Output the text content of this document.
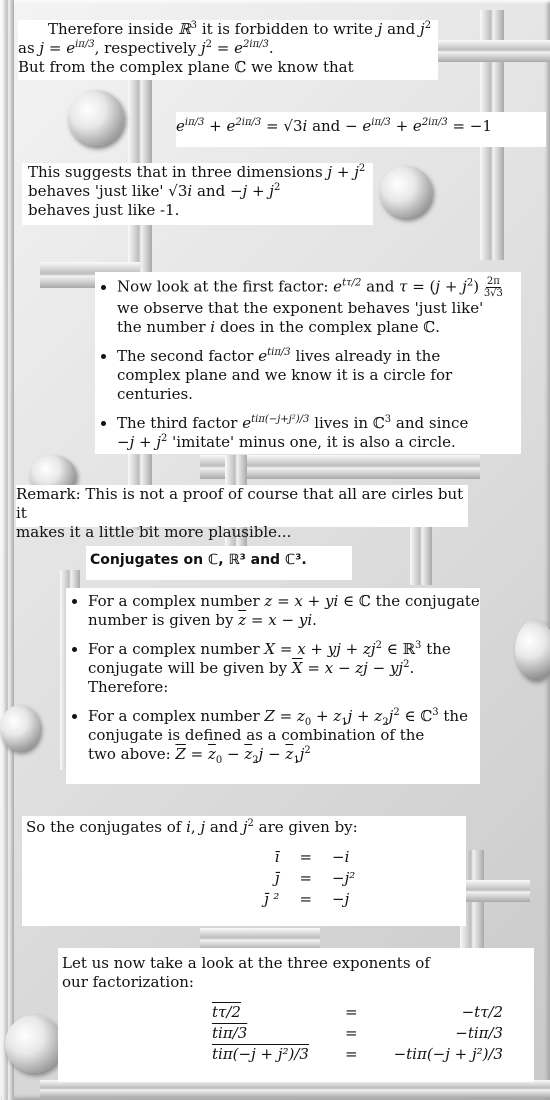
Therefore inside ℝ$^3$ it is forbidden to write j and $j^2$

as $j = e^{i\pi/3}$, respectively $j^2 = e^{2i\pi/3}$.

But from the complex plane ℂ we know that

$e^{i\pi/3} + e^{2i\pi/3} = √3i$ and − $e^{i\pi/3} + e^{2i\pi/3} = -1$

This suggests that in three dimensions $j + j^2$

behaves 'just like' √3i and $-j + j^2$

behaves just like -1.

• Now look at the first factor: $e^{t\tau/2}$ and $\tau = (j + j^2) \frac{2\pi}{3√3}$

we observe that the exponent behaves 'just like'
the number i does in the complex plane ℂ.
• The second factor $e^{ti\pi/3}$ lives already in the
complex plane and we know it is a circle for centuries.
• The third factor $e^{ti\pi(-j+j^2)/3}$ lives in ℂ$^3$ and since
$-j + j^2$ 'imitate' minus one, it is also a circle.

Remark: This is not a proof of course that all are cirles but it

makes it a little bit more plausible...

Conjugates on ℂ, ℝ³ and ℂ³.
• For a complex number z = x + yi ∈ ℂ the conjugate
number is given by $\overline{z} = x$ − yi.
• For a complex number X = x + yj + $zj^2$ ∈ ℝ$^3$ the
conjugate will be given by $\overline{X} = x$ − zj − $yj^2$.
Therefore:
• For a complex number $Z = z_0 + z_1j + z_2j^2$ ∈ ℂ$^3$ the
conjugate is defined as a combination of the
two above: $\overline{Z} = \overline{z}_0 - \overline{z}_2j - \overline{z}_1j^2$

So the conjugates of i, j and $j^2$ are given by:

ī	=	−i
j̄	=	−j²
j̄ ²	=	−j

Let us now take a look at the three exponents of

our factorization:

tτ/2	=	−tτ/2
tiπ/3	=	−tiπ/3
tiπ(−j + j²)/3	=	−tiπ(−j + j²)/3
